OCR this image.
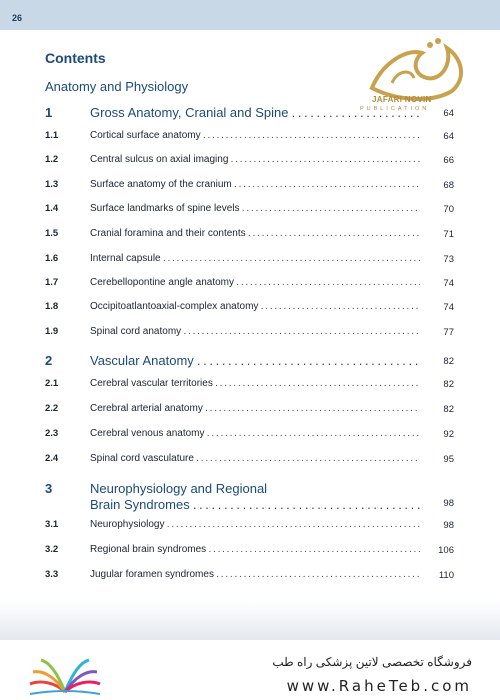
26
Contents
Anatomy and Physiology
JAFARI NOVIN
PUBLICATION
1	Gross Anatomy, Cranial and Spine . . .	64
1.1	Cortical surface anatomy . . .	64
1.2	Central sulcus on axial imaging . . .	66
1.3	Surface anatomy of the cranium . . .	68
1.4	Surface landmarks of spine levels . . .	70
1.5	Cranial foramina and their contents . . .	71
1.6	Internal capsule . . .	73
1.7	Cerebellopontine angle anatomy . . .	74
1.8	Occipitoatlantoaxial-complex anatomy . . .	74
1.9	Spinal cord anatomy . . .	77
2	Vascular Anatomy . . .	82
2.1	Cerebral vascular territories . . .	82
2.2	Cerebral arterial anatomy . . .	82
2.3	Cerebral venous anatomy . . .	92
2.4	Spinal cord vasculature . . .	95
3	Neurophysiology and Regional
Brain Syndromes . . .	98
3.1	Neurophysiology . . .	98
3.2	Regional brain syndromes . . .	106
3.3	Jugular foramen syndromes . . .	110
فروشگاه تخصصی لاتین پزشکی راه طب
www.RaheTeb.com
